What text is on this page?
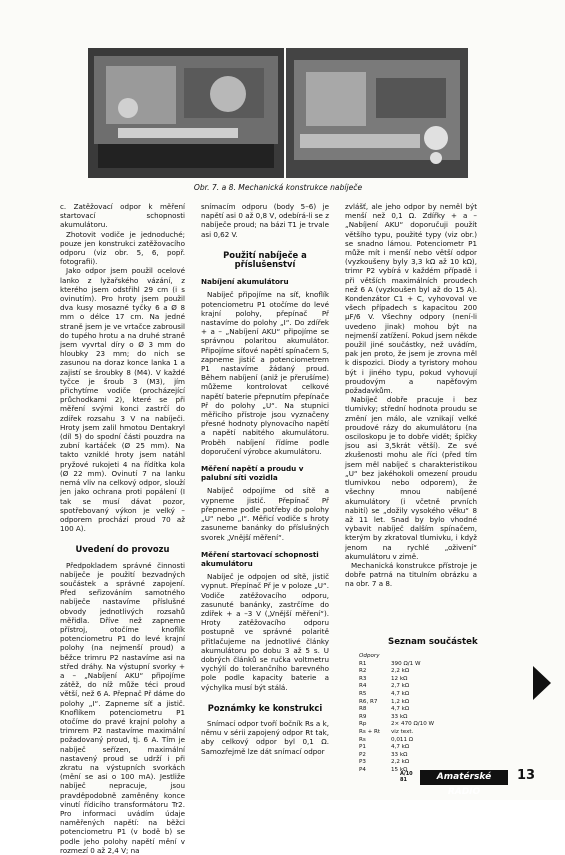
Obr. 7. a 8. Mechanická konstrukce nabíječe

c. Zatěžovací odpor k měření startovací schopnosti akumulátoru.

Zhotovit vodiče je jednoduché; pouze jen konstrukci zatěžovacího odporu (viz obr. 5, 6, popř. fotografii).

Jako odpor jsem použil ocelové lanko z lyžařského vázání, z kterého jsem odstřihl 29 cm (i s ovinutím). Pro hroty jsem použil dva kusy mosazné tyčky 6 a Ø 8 mm o délce 17 cm. Na jedné straně jsem je ve vrtačce zabrousil do tupého hrotu a na druhé straně jsem vyvrtal díry o Ø 3 mm do hloubky 23 mm; do nich se zasunou na doraz konce lanka 1 a zajistí se šroubky 8 (M4). V každé tyčce je šroub 3 (M3), jím přichytíme vodiče (procházející průchodkami 2), které se při měření svými konci zastrčí do zdířek rozsahu 3 V na nabíječi. Hroty jsem zalil hmotou Dentakryl (díl 5) do spodní části pouzdra na zubní kartáček (Ø 25 mm). Na takto vzniklé hroty jsem natáhl pryžové rukojeti 4 na řídítka kola (Ø 22 mm). Ovinutí 7 na lanku nemá vliv na celkový odpor, slouží jen jako ochrana proti popálení (I tak se musí dávat pozor, spotřebovaný výkon je velký – odporem prochází proud 70 až 100 A).

Uvedení do provozu

Předpokladem správné činnosti nabíječe je použití bezvadných součástek a správné zapojení. Před seřizováním samotného nabíječe nastavíme příslušné obvody jednotlivých rozsahů měřidla. Dříve než zapneme přístroj, otočíme knoflík potenciometru P1 do levé krajní polohy (na nejmenší proud) a běžce trimru P2 nastavíme asi na střed dráhy. Na výstupní svorky + a – „Nabíjení AKU“ připojíme zátěž, do níž může téci proud větší, než 6 A. Přepnač Př dáme do polohy „I“. Zapneme síť a jistič. Knoflíkem potenciometru P1 otočíme do pravé krajní polohy a trimrem P2 nastavíme maximální požadovaný proud, tj. 6 A. Tím je nabíječ seřízen, maximální nastavený proud se udrží i při zkratu na výstupních svorkách (mění se asi o 100 mA). Jestliže nabíječ nepracuje, jsou pravděpodobně zaměněny konce vinutí řídicího transformátoru Tr2. Pro informaci uvádím údaje naměřených napětí: na běžci potenciometru P1 (v bodě b) se podle jeho polohy napětí mění v rozmezí 0 až 2,4 V; na

snímacím odporu (body 5–6) je napětí asi 0 až 0,8 V, odebírá-li se z nabíječe proud; na bázi T1 je trvale asi 0,62 V.

Použití nabíječe a příslušenství
Nabíjení akumulátoru

Nabíječ připojíme na síť, knoflík potenciometru P1 otočíme do levé krajní polohy, přepínač Př nastavíme do polohy „I“. Do zdířek + a – „Nabíjení AKU“ připojíme se správnou polaritou akumulátor. Připojíme síťové napětí spínačem S, zapneme jistič a potenciometrem P1 nastavíme žádaný proud. Během nabíjení (aniž je přerušíme) můžeme kontrolovat celkové napětí baterie přepnutím přepínače Př do polohy „U“. Na stupnici měřicího přístroje jsou vyznačeny přesné hodnoty plynovacího napětí a napětí nabitého akumulátoru. Proběh nabíjení řídíme podle doporučení výrobce akumulátoru.

Měření napětí a proudu v palubní síti vozidla

Nabíječ odpojíme od sítě a vypneme jistič. Přepínač Př přepneme podle potřeby do polohy „U“ nebo „I“. Měřicí vodiče s hroty zasuneme banánky do příslušných svorek „Vnější měření“.

Měření startovací schopnosti akumulátoru

Nabíječ je odpojen od sítě, jistič vypnut. Přepínač Př je v poloze „U“. Vodiče zatěžovacího odporu, zasunuté banánky, zastrčíme do zdířek + a –3 V („Vnější měření“). Hroty zatěžovacího odporu postupně ve správné polaritě přitlačujeme na jednotlivé články akumulátoru po dobu 3 až 5 s. U dobrých článků se ručka voltmetru vychýlí do tolerančního barevného pole podle kapacity baterie a výchylka musí být stálá.

Poznámky ke konstrukci

Snímací odpor tvoří bočník Rs a k, němu v sérii zapojený odpor Rt tak, aby celkový odpor byl 0,1 Ω. Samozřejmě lze dát snímací odpor

zvlášť, ale jeho odpor by neměl být menší než 0,1 Ω. Zdířky + a – „Nabíjení AKU“ doporučuji použít většího typu, použité typy (viz obr.) se snadno lámou. Potenciometr P1 může mít i menší nebo větší odpor (vyzkoušeny byly 3,3 kΩ až 10 kΩ), trimr P2 vybírá v každém případě i při větších maximálních proudech než 6 A (vyzkoušen byl až do 15 A). Kondenzátor C1 + C, vyhovoval ve všech případech s kapacitou 200 µF/6 V. Všechny odpory (není-li uvedeno jinak) mohou být na nejmenší zatížení. Pokud jsem někde použil jiné součástky, než uvádím, pak jen proto, že jsem je zrovna měl k dispozici. Diody a tyristory mohou být i jiného typu, pokud vyhovují proudovým a napěťovým požadavkům.

Nabíječ dobře pracuje i bez tlumivky; střední hodnota proudu se změní jen málo, ale vznikají velké proudové rázy do akumulátoru (na osciloskopu je to dobře vidět; špičky jsou asi 3,5krát větší). Ze své zkušenosti mohu ale říci (před tím jsem měl nabíječ s charakteristikou „U“ bez jakéhokoli omezení proudu tlumivkou nebo odporem), že všechny mnou nabíjené akumulátory (i včetně prvních nabití) se „dožily vysokého věku“ 8 až 11 let. Snad by bylo vhodné vybavit nabíječ dalším spínačem, kterým by zkratoval tlumivku, i když jenom na rychlé „oživení“ akumulátoru v zimě.

Mechanická konstrukce přístroje je dobře patrná na titulním obrázku a na obr. 7 a 8.

Seznam součástek
Odpory
R1	390 Ω/1 W
R2	2,2 kΩ
R3	12 kΩ
R4	2,7 kΩ
R5	4,7 kΩ
R6, R7	1,2 kΩ
R8	4,7 kΩ
R9	33 kΩ
Rp	2× 470 Ω/10 W
Rs + Rt	viz text.
Rs	0,011 Ω
P1	4,7 kΩ
P2	33 kΩ
P3	2,2 kΩ
P4	15 kΩ
A/10 81	Amatérské RADIO
13
